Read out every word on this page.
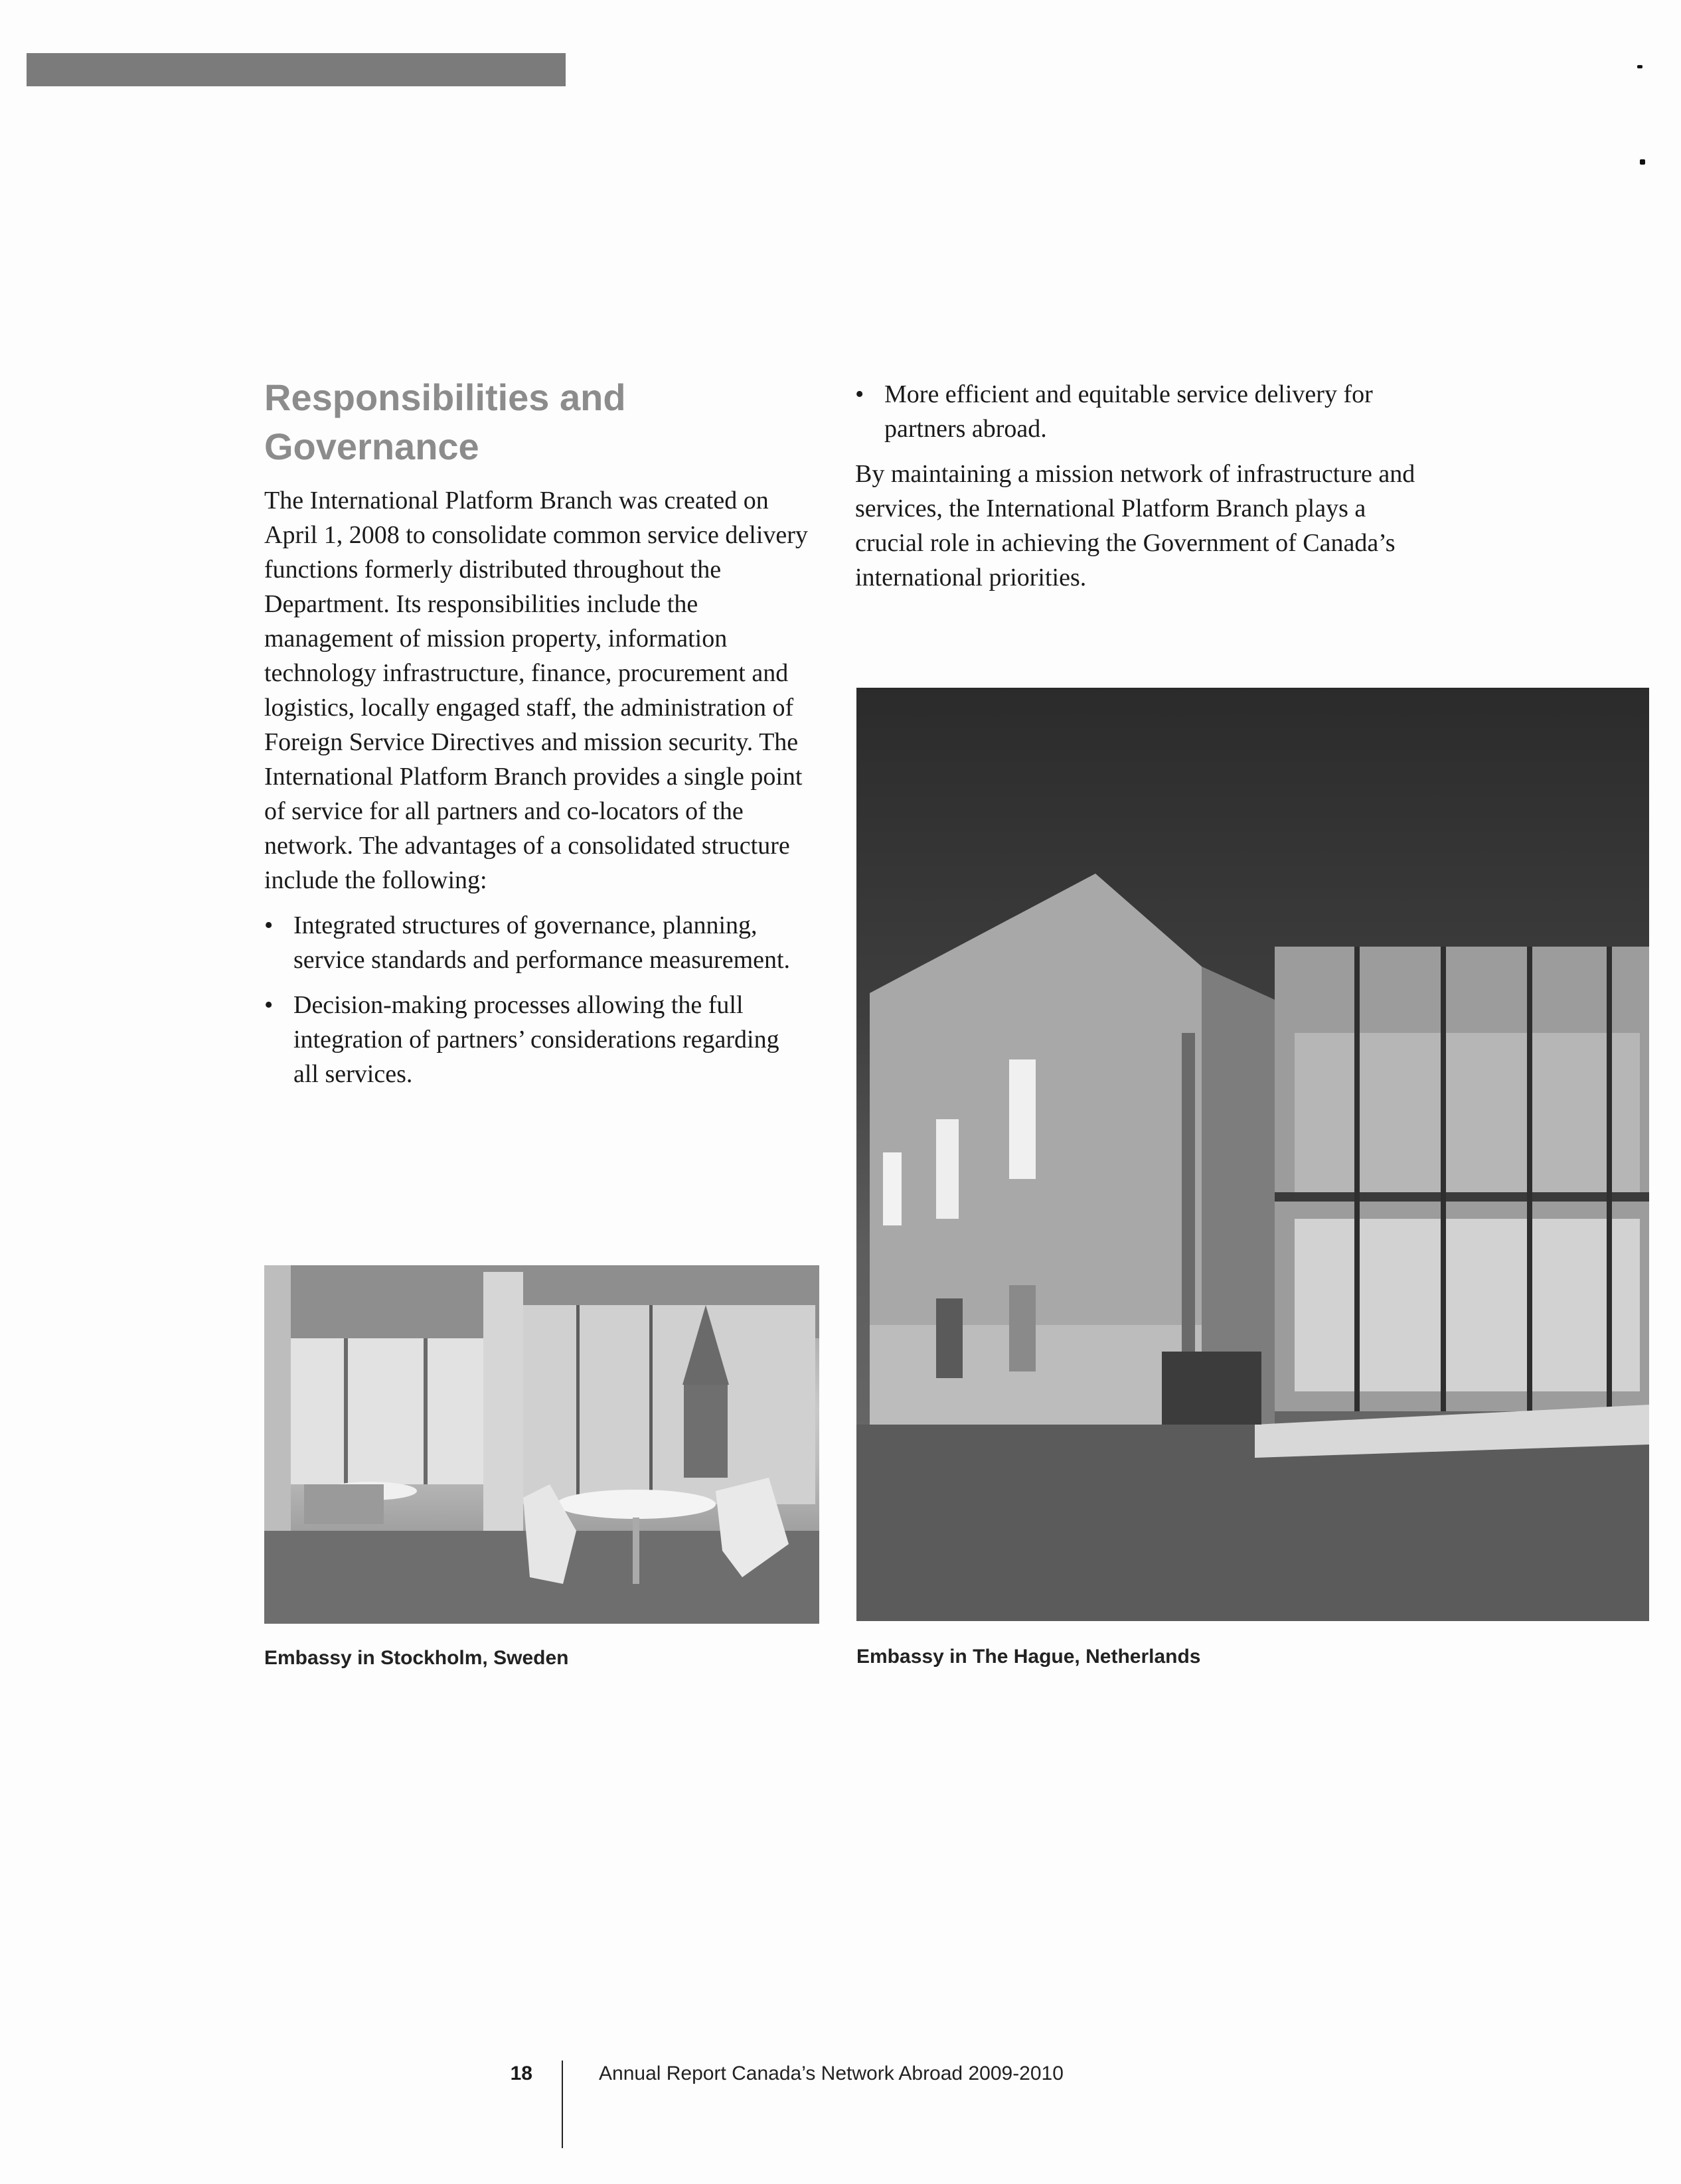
Responsibilities and Governance

The International Platform Branch was created on April 1, 2008 to consolidate common service delivery functions formerly distributed throughout the Department. Its responsibilities include the management of mission property, information technology infrastructure, finance, procurement and logistics, locally engaged staff, the administration of Foreign Service Directives and mission security. The International Platform Branch provides a single point of service for all partners and co-locators of the network. The advantages of a consolidated structure include the following:

• Integrated structures of governance, planning, service standards and performance measurement.
• Decision-making processes allowing the full integration of partners’ considerations regarding all services.
• More efficient and equitable service delivery for partners abroad.

By maintaining a mission network of infrastructure and services, the International Platform Branch plays a crucial role in achieving the Government of Canada’s international priorities.

Embassy in Stockholm, Sweden	Embassy in The Hague, Netherlands
18	Annual Report Canada’s Network Abroad 2009-2010
